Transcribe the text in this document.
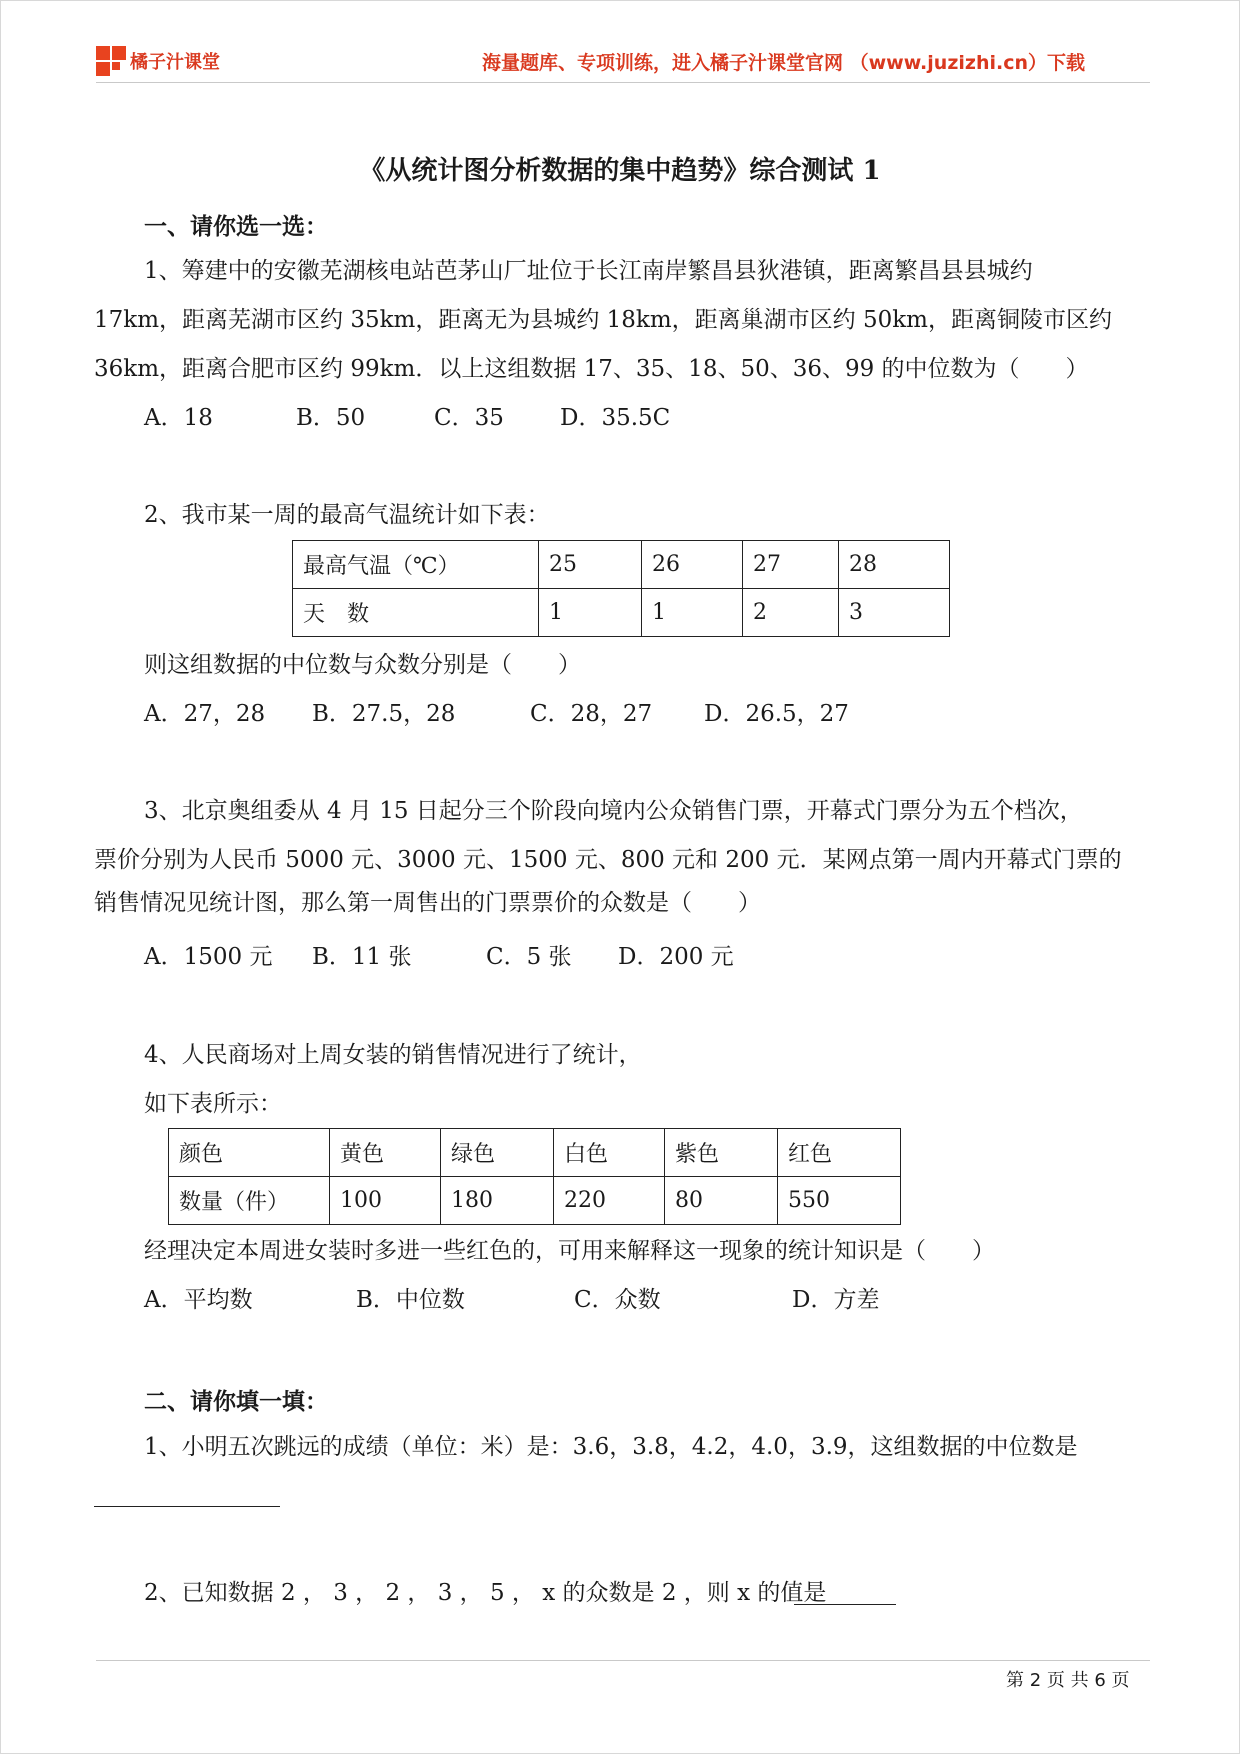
橘子汁课堂	海量题库、专项训练，进入橘子汁课堂官网 （www.juzizhi.cn）下载
《从统计图分析数据的集中趋势》综合测试 1
一、请你选一选：
1、筹建中的安徽芜湖核电站芭茅山厂址位于长江南岸繁昌县狄港镇，距离繁昌县县城约
17km，距离芜湖市区约 35km，距离无为县城约 18km，距离巢湖市区约 50km，距离铜陵市区约
36km，距离合肥市区约 99km．以上这组数据 17、35、18、50、36、99 的中位数为（　　）
A．18	B．50	C．35 D．35.5C
2、我市某一周的最高气温统计如下表：
最高气温（℃）	25	26	27	28
天　数	1	1	2	3
则这组数据的中位数与众数分别是（　　）
A．27，28 B．27.5，28	C．28，27 D．26.5，27
3、北京奥组委从 4 月 15 日起分三个阶段向境内公众销售门票，开幕式门票分为五个档次，
票价分别为人民币 5000 元、3000 元、1500 元、800 元和 200 元．某网点第一周内开幕式门票的
销售情况见统计图，那么第一周售出的门票票价的众数是（　　）
A．1500 元 B．11 张	C．5 张 D．200 元
4、人民商场对上周女装的销售情况进行了统计，
如下表所示：
颜色	黄色	绿色	白色	紫色	红色
数量（件）	100	180	220	80	550
经理决定本周进女装时多进一些红色的，可用来解释这一现象的统计知识是（　　）
A．平均数	B．中位数	C．众数	D．方差
二、请你填一填：
1、小明五次跳远的成绩（单位：米）是：3.6，3.8，4.2，4.0，3.9，这组数据的中位数是
2、已知数据 2 ， 3 ， 2 ， 3 ， 5 ， x 的众数是 2 ，则 x 的值是
第 2 页 共 6 页
